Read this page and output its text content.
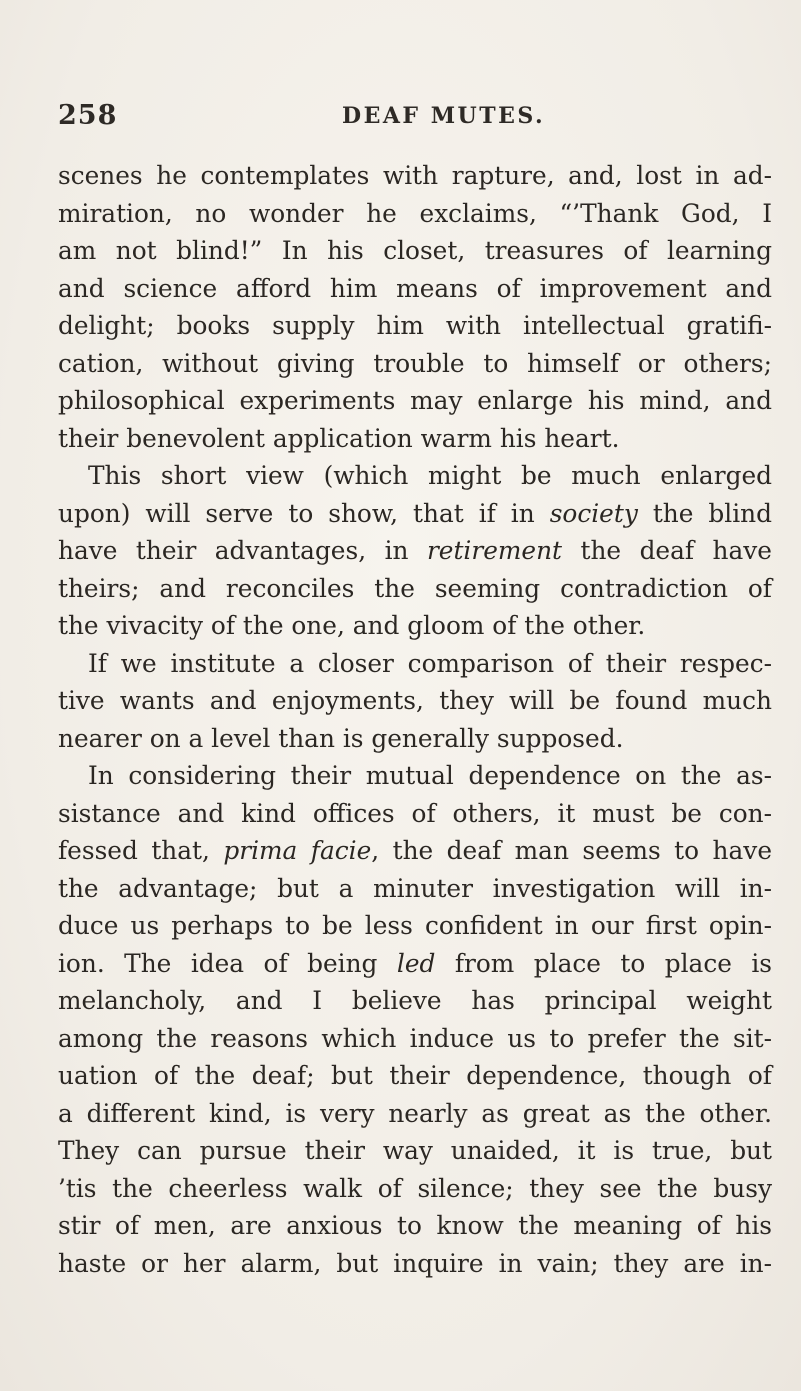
258	DEAF MUTES.
scenes he contemplates with rapture, and, lost in ad-
miration, no wonder he exclaims, “’Thank God, I
am not blind!” In his closet, treasures of learning
and science afford him means of improvement and
delight; books supply him with intellectual gratifi-
cation, without giving trouble to himself or others;
philosophical experiments may enlarge his mind, and
their benevolent application warm his heart.
This short view (which might be much enlarged
upon) will serve to show, that if in society the blind
have their advantages, in retirement the deaf have
theirs; and reconciles the seeming contradiction of
the vivacity of the one, and gloom of the other.
If we institute a closer comparison of their respec-
tive wants and enjoyments, they will be found much
nearer on a level than is generally supposed.
In considering their mutual dependence on the as-
sistance and kind offices of others, it must be con-
fessed that, prima facie, the deaf man seems to have
the advantage; but a minuter investigation will in-
duce us perhaps to be less confident in our first opin-
ion. The idea of being led from place to place is
melancholy, and I believe has principal weight
among the reasons which induce us to prefer the sit-
uation of the deaf; but their dependence, though of
a different kind, is very nearly as great as the other.
They can pursue their way unaided, it is true, but
’tis the cheerless walk of silence; they see the busy
stir of men, are anxious to know the meaning of his
haste or her alarm, but inquire in vain; they are in-
